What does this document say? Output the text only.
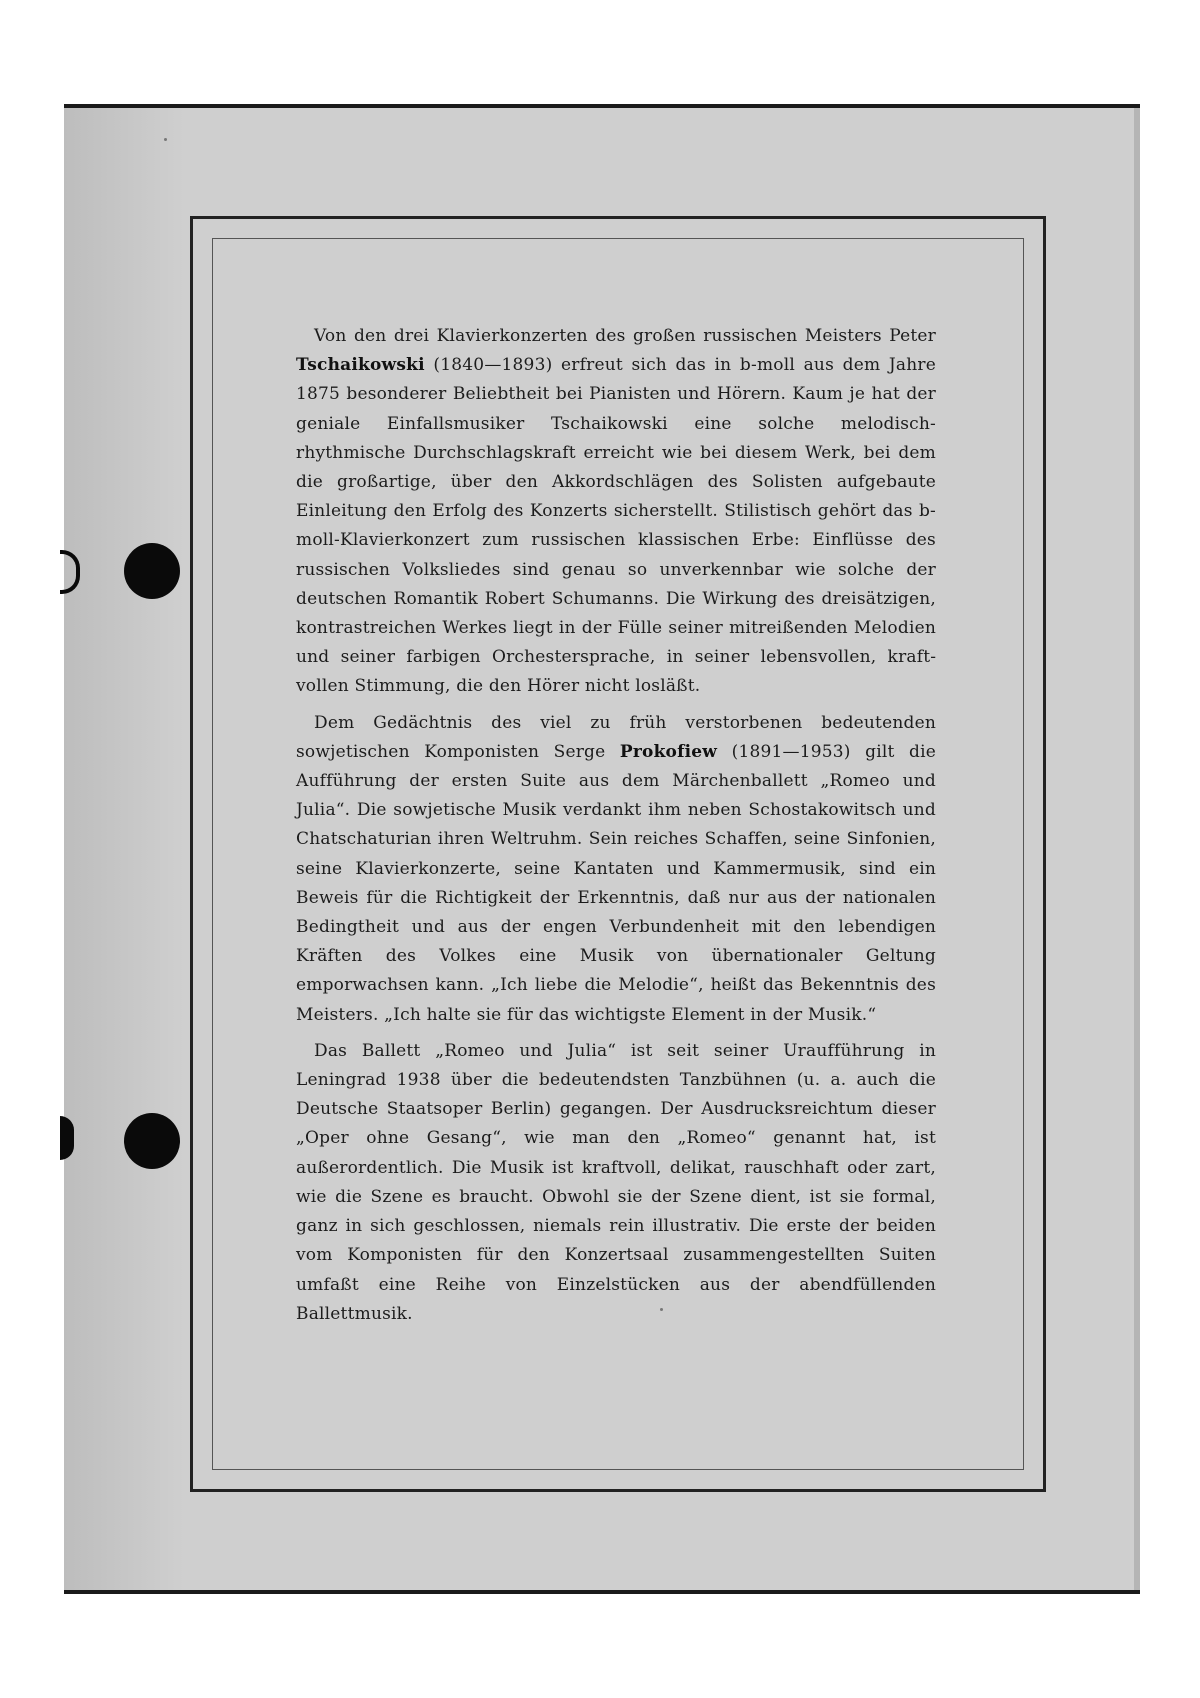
Von den drei Klavierkonzerten des großen russischen Meisters Peter Tschaikowski (1840—1893) erfreut sich das in b-moll aus dem Jahre 1875 besonderer Beliebtheit bei Pianisten und Hörern. Kaum je hat der geniale Einfallsmusiker Tschaikowski eine solche melodisch-rhythmische Durchschlagskraft erreicht wie bei diesem Werk, bei dem die großartige, über den Akkordschlägen des Solisten aufgebaute Einleitung den Erfolg des Konzerts sicherstellt. Stilistisch gehört das b-moll-Klavierkonzert zum russischen klassischen Erbe: Einflüsse des russischen Volksliedes sind genau so unverkennbar wie solche der deutschen Romantik Robert Schumanns. Die Wirkung des dreisätzigen, kontrastreichen Werkes liegt in der Fülle seiner mitreißenden Melodien und seiner farbigen Orchestersprache, in seiner lebensvollen, kraftvollen Stimmung, die den Hörer nicht losläßt.

Dem Gedächtnis des viel zu früh verstorbenen bedeutenden sowjetischen Komponisten Serge Prokofiew (1891—1953) gilt die Aufführung der ersten Suite aus dem Märchenballett „Romeo und Julia“. Die sowjetische Musik verdankt ihm neben Schostakowitsch und Chatschaturian ihren Weltruhm. Sein reiches Schaffen, seine Sinfonien, seine Klavierkonzerte, seine Kantaten und Kammermusik, sind ein Beweis für die Richtigkeit der Erkenntnis, daß nur aus der nationalen Bedingtheit und aus der engen Verbundenheit mit den lebendigen Kräften des Volkes eine Musik von übernationaler Geltung emporwachsen kann. „Ich liebe die Melodie“, heißt das Bekenntnis des Meisters. „Ich halte sie für das wichtigste Element in der Musik.“

Das Ballett „Romeo und Julia“ ist seit seiner Uraufführung in Leningrad 1938 über die bedeutendsten Tanzbühnen (u. a. auch die Deutsche Staatsoper Berlin) gegangen. Der Ausdrucksreichtum dieser „Oper ohne Gesang“, wie man den „Romeo“ genannt hat, ist außerordentlich. Die Musik ist kraftvoll, delikat, rauschhaft oder zart, wie die Szene es braucht. Obwohl sie der Szene dient, ist sie formal, ganz in sich geschlossen, niemals rein illustrativ. Die erste der beiden vom Komponisten für den Konzertsaal zusammengestellten Suiten umfaßt eine Reihe von Einzelstücken aus der abendfüllenden Ballettmusik.
